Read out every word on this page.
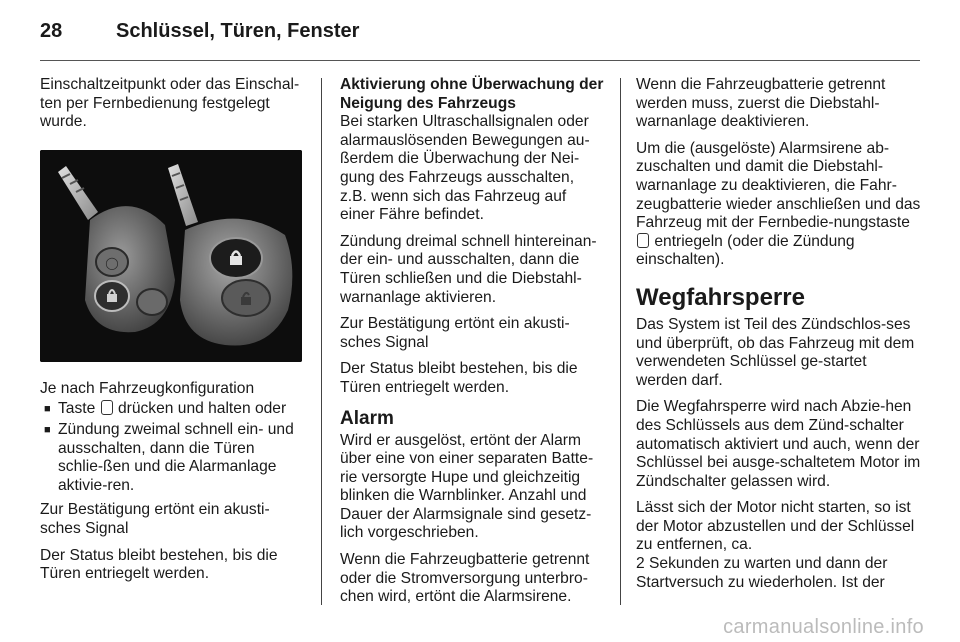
28	Schlüssel, Türen, Fenster

Einschaltzeitpunkt oder das Einschal-ten per Fernbedienung festgelegt wurde.

◯

Je nach Fahrzeugkonfiguration

■ Taste drücken und halten oder
■ Zündung zweimal schnell ein- und ausschalten, dann die Türen schlie-ßen und die Alarmanlage aktivie-ren.

Zur Bestätigung ertönt ein akusti-sches Signal

Der Status bleibt bestehen, bis die Türen entriegelt werden.

Aktivierung ohne Überwachung der Neigung des Fahrzeugs

Bei starken Ultraschallsignalen oder alarmauslösenden Bewegungen au-ßerdem die Überwachung der Nei-gung des Fahrzeugs ausschalten, z.B. wenn sich das Fahrzeug auf einer Fähre befindet.

Zündung dreimal schnell hintereinan-der ein- und ausschalten, dann die Türen schließen und die Diebstahl-warnanlage aktivieren.

Zur Bestätigung ertönt ein akusti-sches Signal

Der Status bleibt bestehen, bis die Türen entriegelt werden.

Alarm

Wird er ausgelöst, ertönt der Alarm über eine von einer separaten Batte-rie versorgte Hupe und gleichzeitig blinken die Warnblinker. Anzahl und Dauer der Alarmsignale sind gesetz-lich vorgeschrieben.

Wenn die Fahrzeugbatterie getrennt oder die Stromversorgung unterbro-chen wird, ertönt die Alarmsirene.

Wenn die Fahrzeugbatterie getrennt werden muss, zuerst die Diebstahl-warnanlage deaktivieren.

Um die (ausgelöste) Alarmsirene ab-zuschalten und damit die Diebstahl-warnanlage zu deaktivieren, die Fahr-zeugbatterie wieder anschließen und das Fahrzeug mit der Fernbedie-nungstaste  entriegeln (oder die Zündung einschalten).

Wegfahrsperre

Das System ist Teil des Zündschlos-ses und überprüft, ob das Fahrzeug mit dem verwendeten Schlüssel ge-startet werden darf.

Die Wegfahrsperre wird nach Abzie-hen des Schlüssels aus dem Zünd-schalter automatisch aktiviert und auch, wenn der Schlüssel bei ausge-schaltetem Motor im Zündschalter gelassen wird.

Lässt sich der Motor nicht starten, so ist der Motor abzustellen und der Schlüssel zu entfernen, ca.

2 Sekunden zu warten und dann der Startversuch zu wiederholen. Ist der

carmanualsonline.info
